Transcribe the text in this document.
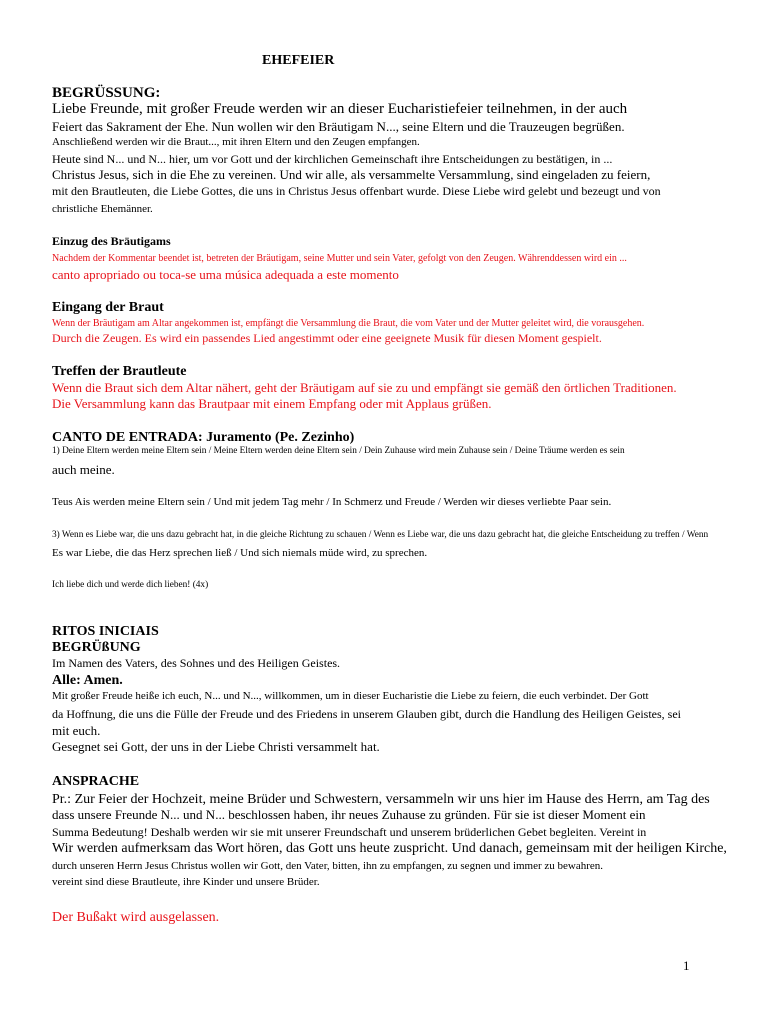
EHEFEIER
BEGRÜSSUNG:
Liebe Freunde, mit großer Freude werden wir an dieser Eucharistiefeier teilnehmen, in der auch
Feiert das Sakrament der Ehe. Nun wollen wir den Bräutigam N..., seine Eltern und die Trauzeugen begrüßen.
Anschließend werden wir die Braut..., mit ihren Eltern und den Zeugen empfangen.
Heute sind N... und N... hier, um vor Gott und der kirchlichen Gemeinschaft ihre Entscheidungen zu bestätigen, in ...
Christus Jesus, sich in die Ehe zu vereinen. Und wir alle, als versammelte Versammlung, sind eingeladen zu feiern,
mit den Brautleuten, die Liebe Gottes, die uns in Christus Jesus offenbart wurde. Diese Liebe wird gelebt und bezeugt und von
christliche Ehemänner.
Einzug des Bräutigams
Nachdem der Kommentar beendet ist, betreten der Bräutigam, seine Mutter und sein Vater, gefolgt von den Zeugen. Währenddessen wird ein ...
canto apropriado ou toca-se uma música adequada a este momento
Eingang der Braut
Wenn der Bräutigam am Altar angekommen ist, empfängt die Versammlung die Braut, die vom Vater und der Mutter geleitet wird, die vorausgehen.
Durch die Zeugen. Es wird ein passendes Lied angestimmt oder eine geeignete Musik für diesen Moment gespielt.
Treffen der Brautleute
Wenn die Braut sich dem Altar nähert, geht der Bräutigam auf sie zu und empfängt sie gemäß den örtlichen Traditionen.
Die Versammlung kann das Brautpaar mit einem Empfang oder mit Applaus grüßen.
CANTO DE ENTRADA: Juramento (Pe. Zezinho)
1) Deine Eltern werden meine Eltern sein / Meine Eltern werden deine Eltern sein / Dein Zuhause wird mein Zuhause sein / Deine Träume werden es sein
auch meine.
Teus Ais werden meine Eltern sein / Und mit jedem Tag mehr / In Schmerz und Freude / Werden wir dieses verliebte Paar sein.
3) Wenn es Liebe war, die uns dazu gebracht hat, in die gleiche Richtung zu schauen / Wenn es Liebe war, die uns dazu gebracht hat, die gleiche Entscheidung zu treffen / Wenn
Es war Liebe, die das Herz sprechen ließ / Und sich niemals müde wird, zu sprechen.
Ich liebe dich und werde dich lieben! (4x)
RITOS INICIAIS
BEGRÜßUNG
Im Namen des Vaters, des Sohnes und des Heiligen Geistes.
Alle: Amen.
Mit großer Freude heiße ich euch, N... und N..., willkommen, um in dieser Eucharistie die Liebe zu feiern, die euch verbindet. Der Gott
da Hoffnung, die uns die Fülle der Freude und des Friedens in unserem Glauben gibt, durch die Handlung des Heiligen Geistes, sei
mit euch.
Gesegnet sei Gott, der uns in der Liebe Christi versammelt hat.
ANSPRACHE
Pr.: Zur Feier der Hochzeit, meine Brüder und Schwestern, versammeln wir uns hier im Hause des Herrn, am Tag des
dass unsere Freunde N... und N... beschlossen haben, ihr neues Zuhause zu gründen. Für sie ist dieser Moment ein
Summa Bedeutung! Deshalb werden wir sie mit unserer Freundschaft und unserem brüderlichen Gebet begleiten. Vereint in
Wir werden aufmerksam das Wort hören, das Gott uns heute zuspricht. Und danach, gemeinsam mit der heiligen Kirche,
durch unseren Herrn Jesus Christus wollen wir Gott, den Vater, bitten, ihn zu empfangen, zu segnen und immer zu bewahren.
vereint sind diese Brautleute, ihre Kinder und unsere Brüder.
Der Bußakt wird ausgelassen.
1
